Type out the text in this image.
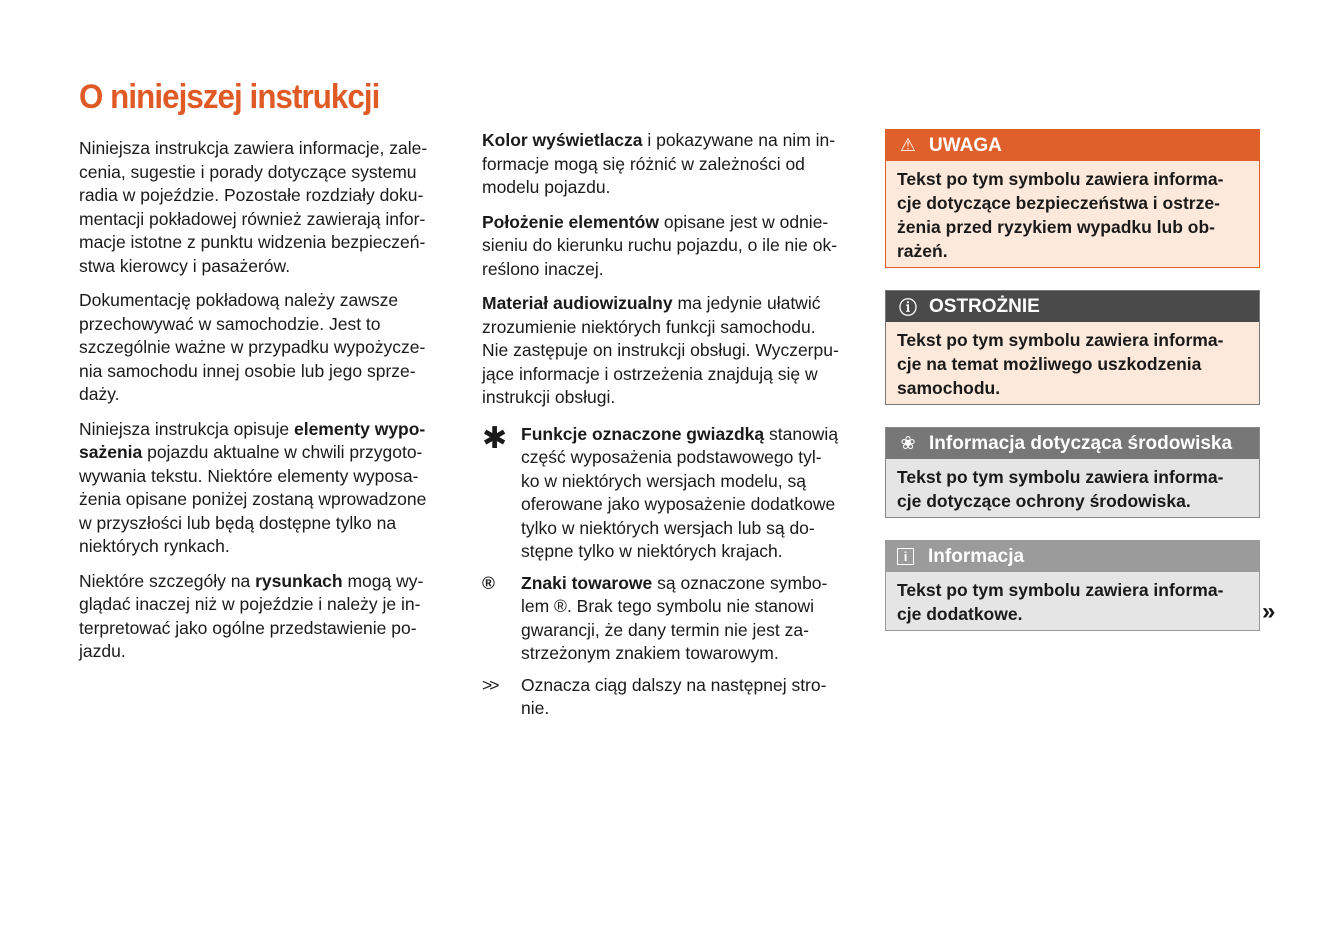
O niniejszej instrukcji
Niniejsza instrukcja zawiera informacje, zale-
cenia, sugestie i porady dotyczące systemu
radia w pojeździe. Pozostałe rozdziały doku-
mentacji pokładowej również zawierają infor-
macje istotne z punktu widzenia bezpieczeń-
stwa kierowcy i pasażerów.
Dokumentację pokładową należy zawsze
przechowywać w samochodzie. Jest to
szczególnie ważne w przypadku wypożycze-
nia samochodu innej osobie lub jego sprze-
daży.
Niniejsza instrukcja opisuje elementy wypo-
sażenia pojazdu aktualne w chwili przygoto-
wywania tekstu. Niektóre elementy wyposa-
żenia opisane poniżej zostaną wprowadzone
w przyszłości lub będą dostępne tylko na
niektórych rynkach.
Niektóre szczegóły na rysunkach mogą wy-
glądać inaczej niż w pojeździe i należy je in-
terpretować jako ogólne przedstawienie po-
jazdu.
Kolor wyświetlacza i pokazywane na nim in-
formacje mogą się różnić w zależności od
modelu pojazdu.
Położenie elementów opisane jest w odnie-
sieniu do kierunku ruchu pojazdu, o ile nie ok-
reślono inaczej.
Materiał audiowizualny ma jedynie ułatwić
zrozumienie niektórych funkcji samochodu.
Nie zastępuje on instrukcji obsługi. Wyczerpu-
jące informacje i ostrzeżenia znajdują się w
instrukcji obsługi.
✱ Funkcje oznaczone gwiazdką stanowią
część wyposażenia podstawowego tyl-
ko w niektórych wersjach modelu, są
oferowane jako wyposażenie dodatkowe
tylko w niektórych wersjach lub są do-
stępne tylko w niektórych krajach.
® Znaki towarowe są oznaczone symbo-
lem ®. Brak tego symbolu nie stanowi
gwarancji, że dany termin nie jest za-
strzeżonym znakiem towarowym.
>> Oznacza ciąg dalszy na następnej stro-
nie.
⚠ UWAGA
Tekst po tym symbolu zawiera informa-
cje dotyczące bezpieczeństwa i ostrze-
żenia przed ryzykiem wypadku lub ob-
rażeń.
ⓘ OSTROŻNIE
Tekst po tym symbolu zawiera informa-
cje na temat możliwego uszkodzenia
samochodu.
❀ Informacja dotycząca środowiska
Tekst po tym symbolu zawiera informa-
cje dotyczące ochrony środowiska.
i	Informacja
Tekst po tym symbolu zawiera informa-
cje dodatkowe.	»
